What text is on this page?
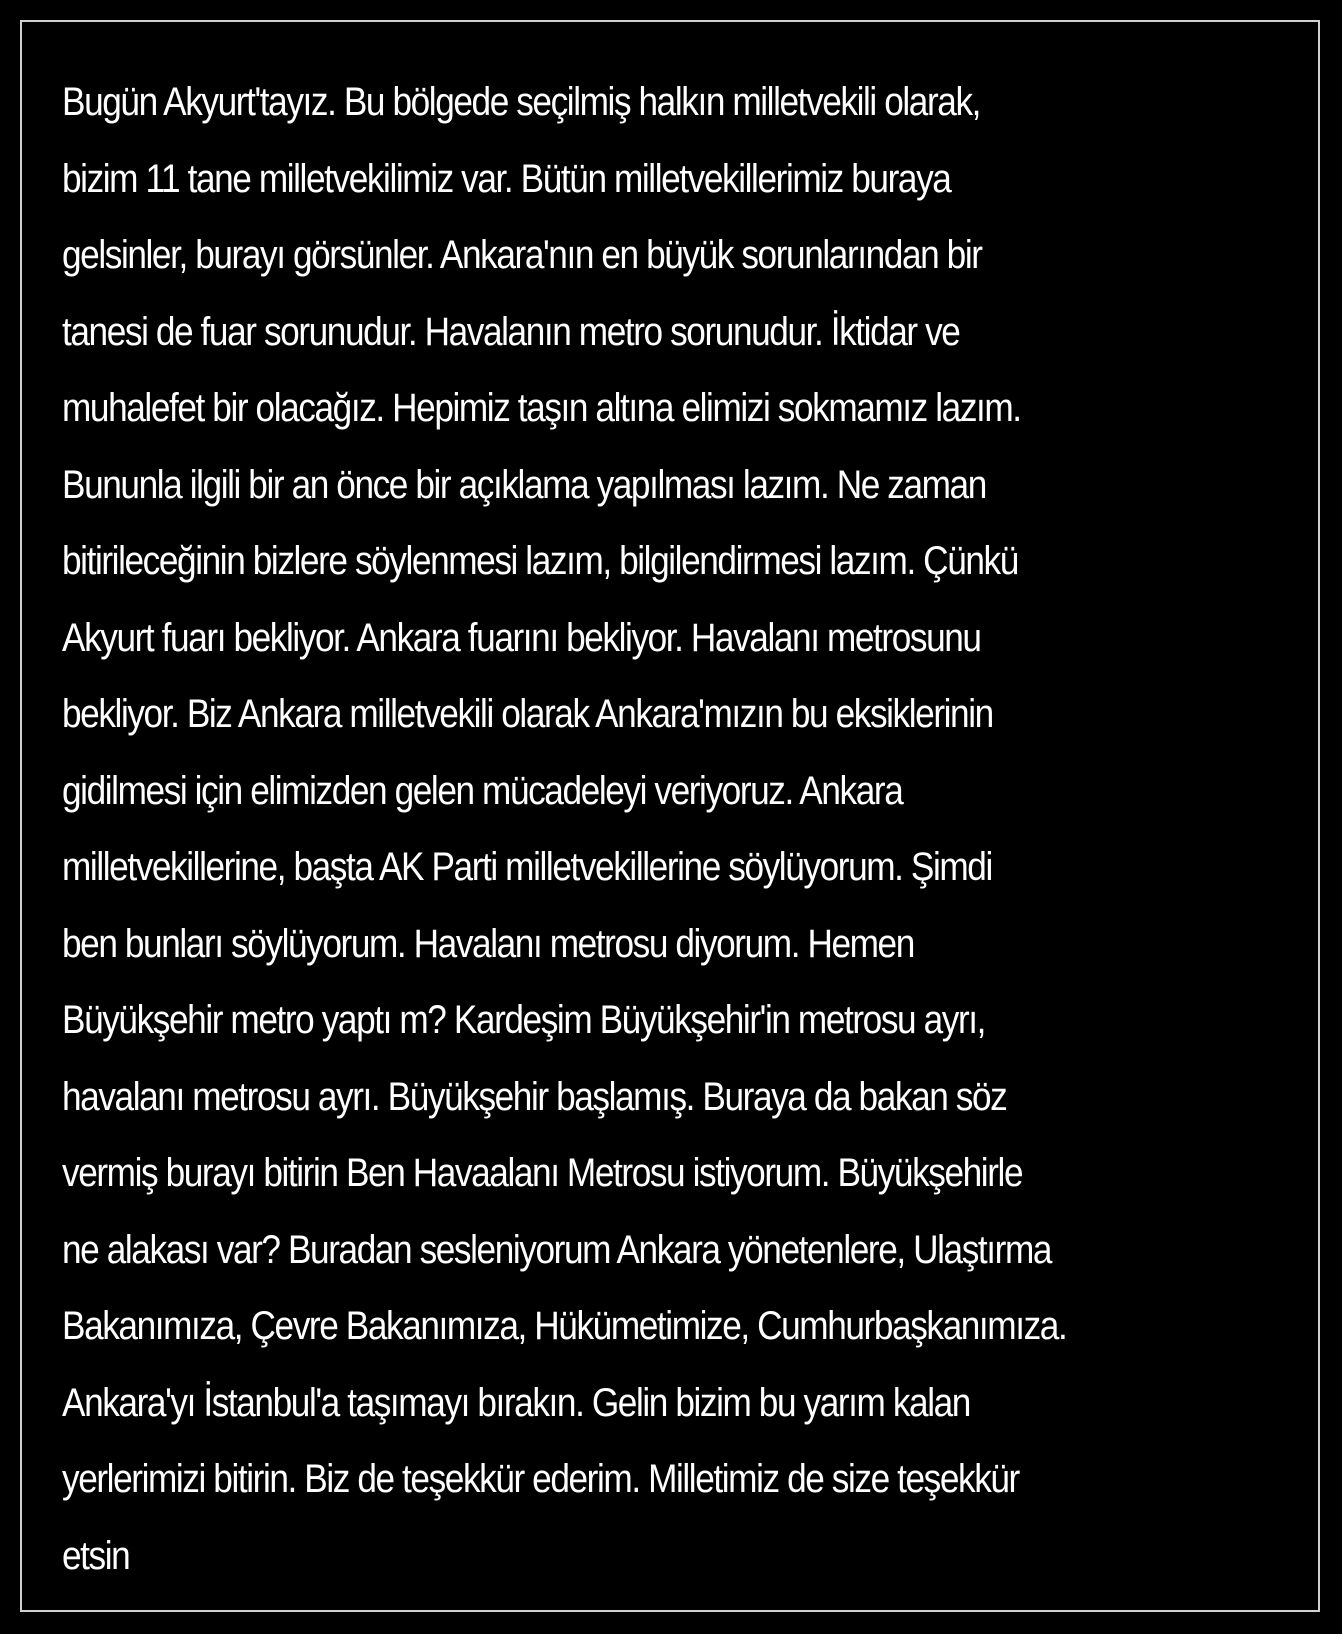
Bugün Akyurt'tayız. Bu bölgede seçilmiş halkın milletvekili olarak,
bizim 11 tane milletvekilimiz var. Bütün milletvekillerimiz buraya
gelsinler, burayı görsünler. Ankara'nın en büyük sorunlarından bir
tanesi de fuar sorunudur. Havalanın metro sorunudur. İktidar ve
muhalefet bir olacağız. Hepimiz taşın altına elimizi sokmamız lazım.
Bununla ilgili bir an önce bir açıklama yapılması lazım. Ne zaman
bitirileceğinin bizlere söylenmesi lazım, bilgilendirmesi lazım. Çünkü
Akyurt fuarı bekliyor. Ankara fuarını bekliyor. Havalanı metrosunu
bekliyor. Biz Ankara milletvekili olarak Ankara'mızın bu eksiklerinin
gidilmesi için elimizden gelen mücadeleyi veriyoruz. Ankara
milletvekillerine, başta AK Parti milletvekillerine söylüyorum. Şimdi
ben bunları söylüyorum. Havalanı metrosu diyorum. Hemen
Büyükşehir metro yaptı m? Kardeşim Büyükşehir'in metrosu ayrı,
havalanı metrosu ayrı. Büyükşehir başlamış. Buraya da bakan söz
vermiş burayı bitirin Ben Havaalanı Metrosu istiyorum. Büyükşehirle
ne alakası var? Buradan sesleniyorum Ankara yönetenlere, Ulaştırma
Bakanımıza, Çevre Bakanımıza, Hükümetimize, Cumhurbaşkanımıza.
Ankara'yı İstanbul'a taşımayı bırakın. Gelin bizim bu yarım kalan
yerlerimizi bitirin. Biz de teşekkür ederim. Milletimiz de size teşekkür
etsin
